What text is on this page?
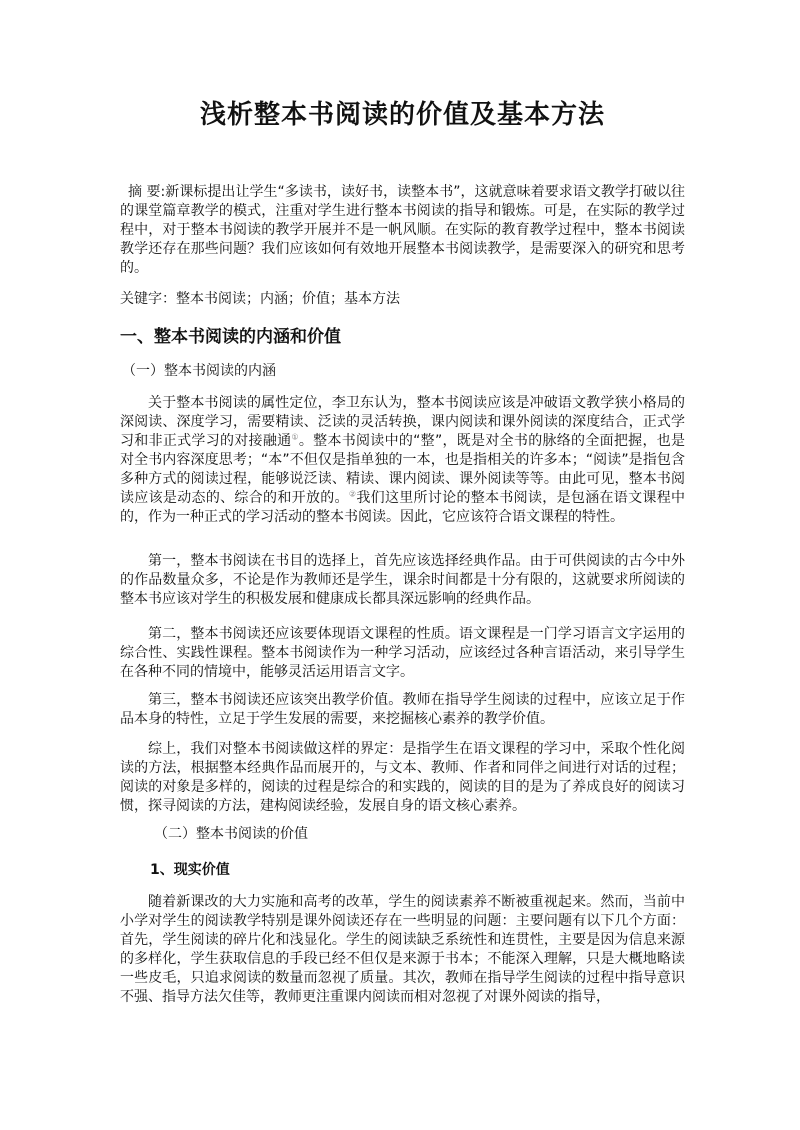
浅析整本书阅读的价值及基本方法

摘 要:新课标提出让学生“多读书，读好书，读整本书”，这就意味着要求语文教学打破以往的课堂篇章教学的模式，注重对学生进行整本书阅读的指导和锻炼。可是，在实际的教学过程中，对于整本书阅读的教学开展并不是一帆风顺。在实际的教育教学过程中，整本书阅读教学还存在那些问题？我们应该如何有效地开展整本书阅读教学，是需要深入的研究和思考的。

关键字：整本书阅读；内涵；价值；基本方法

一、整本书阅读的内涵和价值
（一）整本书阅读的内涵

关于整本书阅读的属性定位，李卫东认为，整本书阅读应该是冲破语文教学狭小格局的深阅读、深度学习，需要精读、泛读的灵活转换，课内阅读和课外阅读的深度结合，正式学习和非正式学习的对接融通①。整本书阅读中的“整”，既是对全书的脉络的全面把握，也是对全书内容深度思考；“本”不但仅是指单独的一本，也是指相关的许多本；“阅读”是指包含多种方式的阅读过程，能够说泛读、精读、课内阅读、课外阅读等等。由此可见，整本书阅读应该是动态的、综合的和开放的。②我们这里所讨论的整本书阅读，是包涵在语文课程中的，作为一种正式的学习活动的整本书阅读。因此，它应该符合语文课程的特性。

第一，整本书阅读在书目的选择上，首先应该选择经典作品。由于可供阅读的古今中外的作品数量众多，不论是作为教师还是学生，课余时间都是十分有限的，这就要求所阅读的整本书应该对学生的积极发展和健康成长都具深远影响的经典作品。

第二，整本书阅读还应该要体现语文课程的性质。语文课程是一门学习语言文字运用的综合性、实践性课程。整本书阅读作为一种学习活动，应该经过各种言语活动，来引导学生在各种不同的情境中，能够灵活运用语言文字。

第三，整本书阅读还应该突出教学价值。教师在指导学生阅读的过程中，应该立足于作品本身的特性，立足于学生发展的需要，来挖掘核心素养的教学价值。

综上，我们对整本书阅读做这样的界定：是指学生在语文课程的学习中，采取个性化阅读的方法，根据整本经典作品而展开的，与文本、教师、作者和同伴之间进行对话的过程；阅读的对象是多样的，阅读的过程是综合的和实践的，阅读的目的是为了养成良好的阅读习惯，探寻阅读的方法，建构阅读经验，发展自身的语文核心素养。

（二）整本书阅读的价值
1、现实价值

随着新课改的大力实施和高考的改革，学生的阅读素养不断被重视起来。然而，当前中小学对学生的阅读教学特别是课外阅读还存在一些明显的问题：主要问题有以下几个方面：首先，学生阅读的碎片化和浅显化。学生的阅读缺乏系统性和连贯性，主要是因为信息来源的多样化，学生获取信息的手段已经不但仅是来源于书本；不能深入理解，只是大概地略读一些皮毛，只追求阅读的数量而忽视了质量。其次，教师在指导学生阅读的过程中指导意识不强、指导方法欠佳等，教师更注重课内阅读而相对忽视了对课外阅读的指导，
